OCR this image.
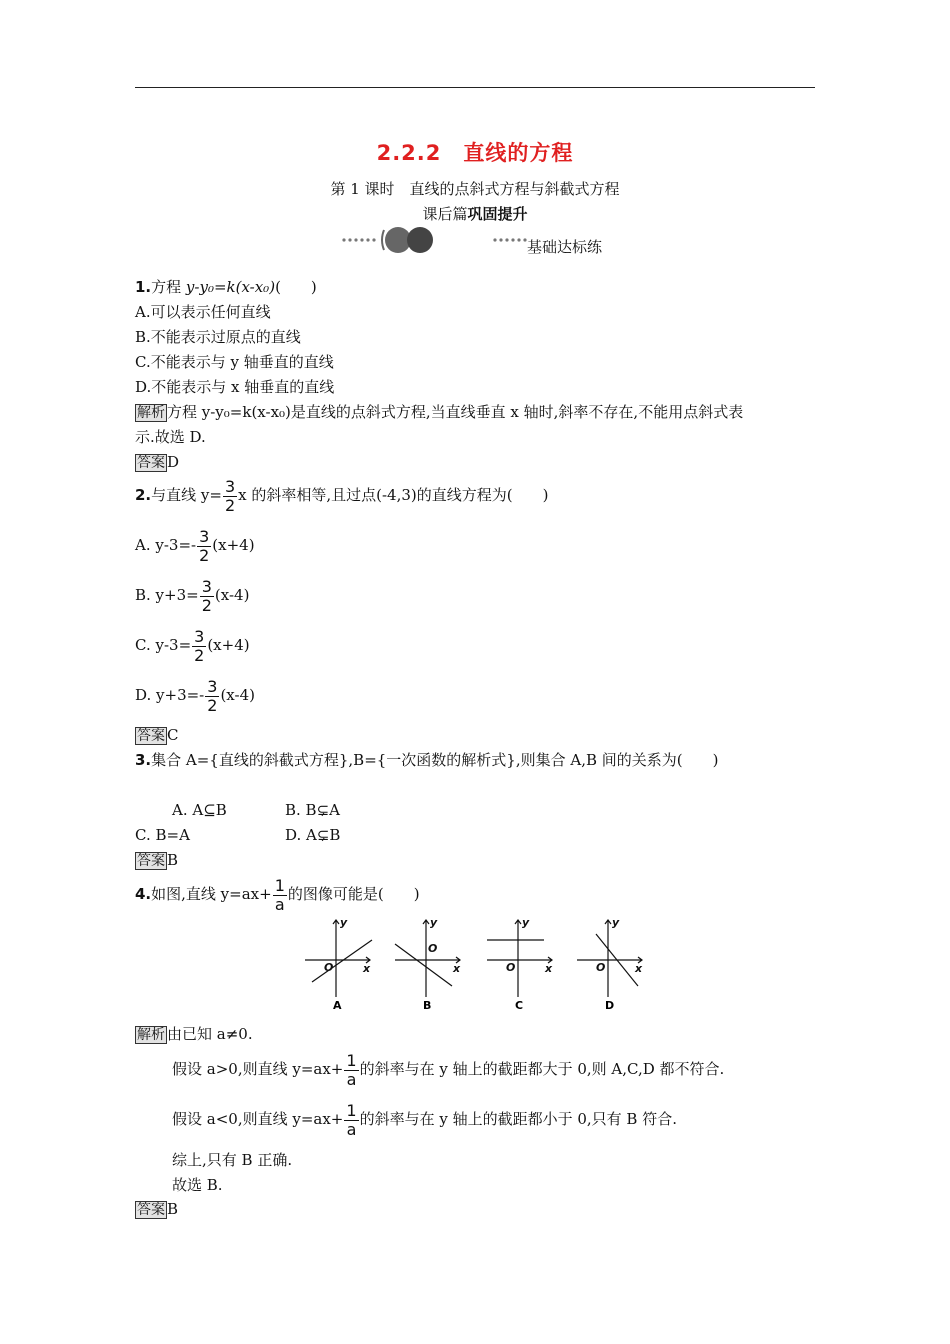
2.2.2　直线的方程
第 1 课时　直线的点斜式方程与斜截式方程
课后篇巩固提升
基础达标练
1.方程 y-y₀=k(x-x₀)(　　)
A.可以表示任何直线
B.不能表示过原点的直线
C.不能表示与 y 轴垂直的直线
D.不能表示与 x 轴垂直的直线
解析 方程 y-y₀=k(x-x₀)是直线的点斜式方程,当直线垂直 x 轴时,斜率不存在,不能用点斜式表
示.故选 D.
答案 D
2.与直线 $y= \frac{3}{2}$ x 的斜率相等,且过点(-4,3)的直线方程为(　　)
A. $y-3=- \frac{3}{2} (x+4)$
B. $y+3= \frac{3}{2} (x-4)$
C. $y-3= \frac{3}{2} (x+4)$
D. $y+3=- \frac{3}{2} (x-4)$
答案 C
3.集合 A={直线的斜截式方程},B={一次函数的解析式},则集合 A,B 间的关系为(　　)
A. A⊆B	B. B⊊A
C. B=A	D. A⊊B
答案 B
4.如图,直线 $y=ax+ \frac{1}{a}$ 的图像可能是(　　)
y
x
O
A
y
x
O
B
y
x
O
C
y
x
O
D
解析 由已知 a≠0.
假设 a>0,则直线 $y=ax+ \frac{1}{a}$ 的斜率与在 y 轴上的截距都大于 0,则 A,C,D 都不符合.
假设 a<0,则直线 $y=ax+ \frac{1}{a}$ 的斜率与在 y 轴上的截距都小于 0,只有 B 符合.
综上,只有 B 正确.
故选 B.
答案 B
